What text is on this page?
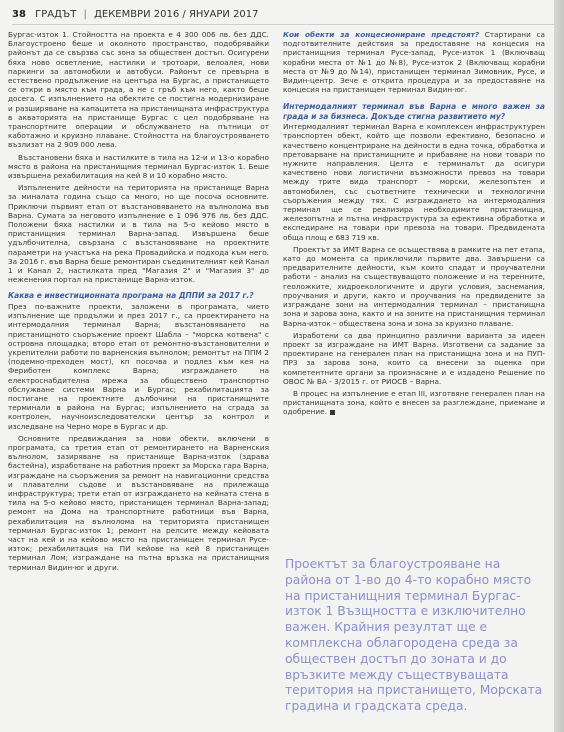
38 ГРАДЪТ | ДЕКЕМВРИ 2016 / ЯНУАРИ 2017

Бургас-изток 1. Стойността на проекта е 4 300 006 лв. без ДДС. Благоустроено беше и околното пространство, подобрявайки районът да се свързва със зона за обществен достъп. Осигурени бяха ново осветление, настилки и тротоари, велоалея, нови паркинги за автомобили и автобуси. Районът се превърна в естествено продължение на центъра на Бургас, а пристанището се откри в място към града, а не с гръб към него, както беше досега. С изпълнението на обектите се постигна модернизиране и разширяване на капацитета на пристанищната инфраструктура в акваторията на пристанище Бургас с цел подобряване на транспортните операции и обслужването на пътници от каботажно и круизно плаване. Стойността на благоустрояването възлизат на 2 909 000 лева.

Възстановени бяха и настилките в тила на 12-и и 13-о корабно място в района на пристанищния терминал Бургас-изток 1. Беше извършена рехабилитация на кей 8 и 10 корабно място.

Изпълнените дейности на територията на пристанище Варна за миналата година също са много, но ще посоча основните. Приключи първият етап от възстановяването на вълнолома във Варна. Сумата за неговото изпълнение е 1 096 976 лв. без ДДС. Положени бяха настилки и в тила на 5-о кейово място в пристанищния терминал Варна-запад. Извършена беше удълбочителна, свързана с възстановяване на проектните параметри на участъка на река Провадийска и подхода към него. За 2016 г. във Варна беше ремонтиран съединителният кей Канал 1 и Канал 2, настилката пред "Магазия 2" и "Магазия 3" до неженения портал на пристанище Варна-изток.

Каква е инвестиционната програма на ДППИ за 2017 г.?

През по-важните проекти, заложени в програмата, чието изпълнение ще продължи и през 2017 г., са проектирането на интермодалния терминал Варна; възстановяването на пристанищното съоръжение проект Шабла – "морска котвена" с островна площадка; второ етап от ремонтно-възстановителни и укрепителни работи по варненския вълнолом; ремонтът на ППМ 2 (подемно-преходен мост), кп посочва и подлез към кея на Фериботен комплекс Варна; изграждането на електроснабдителна мрежа за обществено транспортно обслужване системи Варна и Бургас; рехабилитацията за постигане на проектните дълбочини на пристанищните терминали в района на Бургас; изпълнението на сграда за контролен, научноизследователски център за контрол и изследване на Черно море в Бургас и др.

Основните предвиждания за нови обекти, включени в програмата, са третия етап от ремонтирането на Варненския вълнолом, зазиряване на пристанище Варна-изток (здрава бастейна), изработване на работния проект за Морска гара Варна, изграждане на съоръжения за ремонт на навигационни средства и плавателни съдове и възстановяване на прилежаща инфраструктура; трети етап от изграждането на кейната стена в тила на 5-о кейово място, пристанищен терминал Варна-запад; ремонт на Дома на транспортните работници във Варна, рехабилитация на вълнолома на територията пристанищен терминал Бургас-изток 1; ремонт на релсите между кейовата част на кей и на кейово място на пристанищен терминал Русе-изток; рехабилитация на ПИ кейове на кей 8 пристанищен терминал Лом; изграждане на пътна връзка на пристанищния терминал Видин-юг и други.

Кои обекти за концесиониране предстоят? Стартирани са подготвителните действия за предоставяне на концесия на пристанищния терминал Русе-запад, Русе-изток 1 (Включващ корабни места от №1 до №8), Русе-изток 2 (Включващ корабни места от №9 до №14), пристанищен терминал Зимовник, Русе, и Видин-центр. Зече е открита процедура и за предоставяне на концесия на пристанищен терминал Видин-юг.

Интермодалният терминал във Варна е много важен за града и за бизнеса. Докъде стигна развитието му?

Интермодалният терминал Варна е комплексен инфраструктурен транспортен обект, който ще позволи ефективно, безопасно и качествено концентриране на дейности в една точка, обработка и претоварване на пристанищните и прибавяне на нови товари по нужните направления. Целта е терминалът да осигури качествено нови логистични възможности превоз на товари между трите вида транспорт – морски, железопътен и автомобилен, със съответните технически и технологични съоръжения между тях. С изграждането на интермодалния терминал ще се реализира необходимите пристанищна, железопътна и пътна инфраструктура за ефективна обработка и експедиране на товари при превоза на товари. Предвидената обща площ е 683 719 кв.

Проектът за ИМТ Варна се осъществява в рамките на пет етапа, като до момента са приключили първите два. Завършени са предварителните дейности, към които спадат и проучвателни работи – анализ на съществуващото положение и на теренните, геоложките, хидроекологичните и други условия, заснемания, проучвания и други, както и проучвания на предвидените за изграждане зони на интермодалния терминал – пристанищна зона и зарова зона, както и на зоните на пристанищния терминал Варна-изток – обществена зона и зона за круизно плаване.

Изработени са два принципно различни варианта за идеен проект за изграждане на ИМТ Варна. Изготвени са задание за проектиране на генерален план на пристанищна зона и на ПУП-ПРЗ за зарова зона, които са внесени за оценка при компетентните органи за произнасяне и е издадено Решение по ОВОС № ВА - 3/2015 г. от РИОСВ – Варна.

В процес на изпълнение е етап III, изготвяне генерален план на пристанищната зона, който е внесен за разглеждане, приемане и одобрение.

Проектът за благоустрояване на района от 1-во до 4-то корабно място на пристанищния терминал Бургас-изток 1 Възщността е изключително важен. Крайния резултат ще е комплексна облагородена среда за обществен достъп до зоната и до връзките между съществуващата територия на пристанището, Морската градина и градската среда.
